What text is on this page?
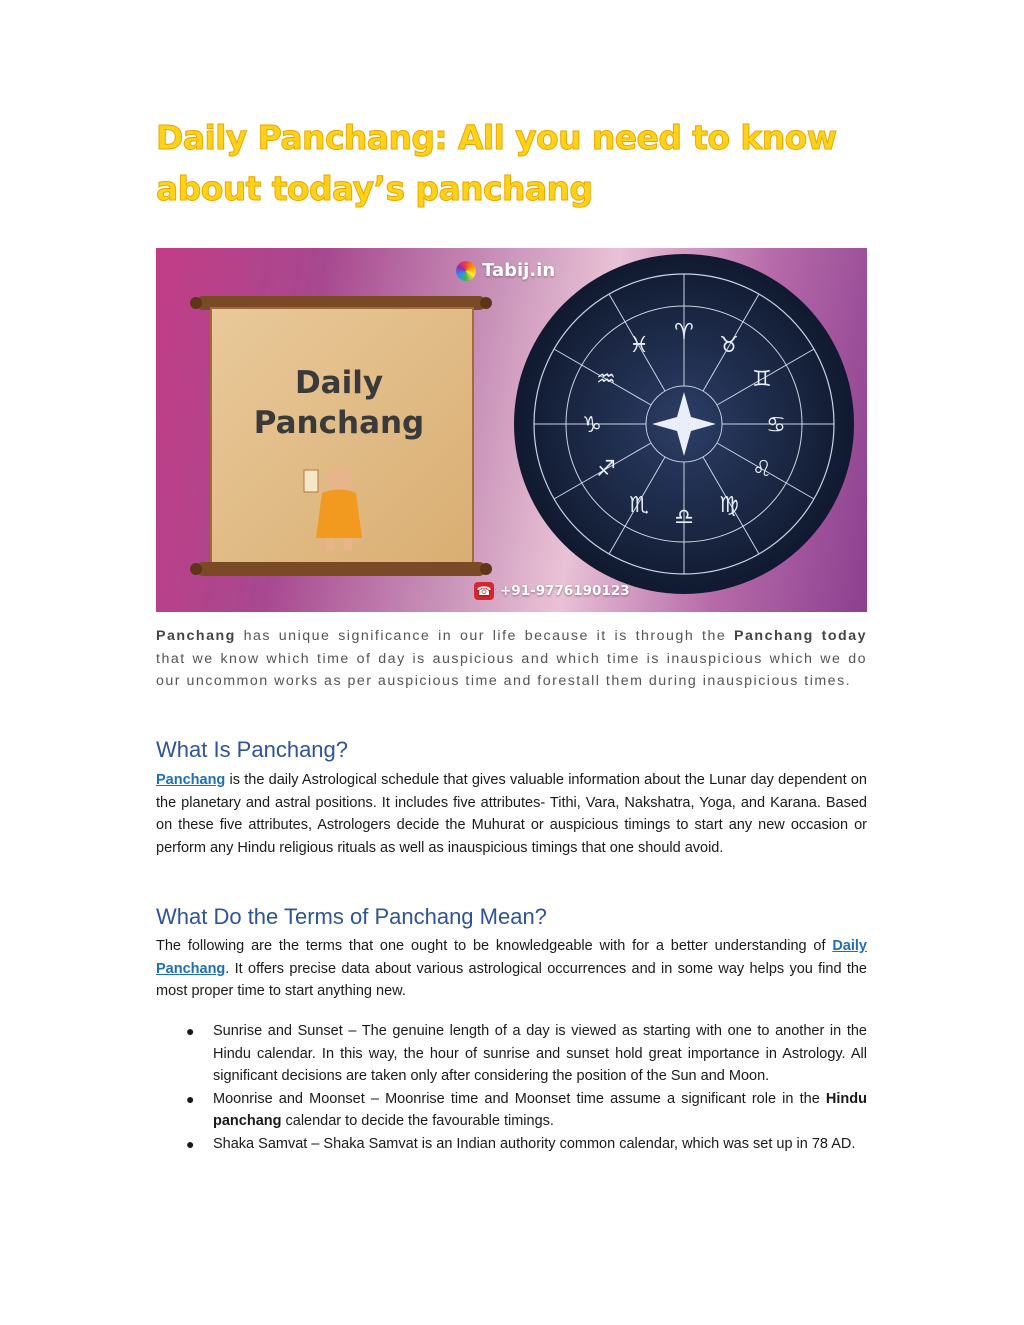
Daily Panchang: All you need to know about today’s panchang
♈
♉
♊
♋
♌
♍
♎
♏
♐
♑
♒
♓
Tabij.in
Daily
Panchang
☎ +91-9776190123

Panchang has unique significance in our life because it is through the Panchang today that we know which time of day is auspicious and which time is inauspicious which we do our uncommon works as per auspicious time and forestall them during inauspicious times.

What Is Panchang?

Panchang is the daily Astrological schedule that gives valuable information about the Lunar day dependent on the planetary and astral positions. It includes five attributes- Tithi, Vara, Nakshatra, Yoga, and Karana. Based on these five attributes, Astrologers decide the Muhurat or auspicious timings to start any new occasion or perform any Hindu religious rituals as well as inauspicious timings that one should avoid.

What Do the Terms of Panchang Mean?

The following are the terms that one ought to be knowledgeable with for a better understanding of Daily Panchang. It offers precise data about various astrological occurrences and in some way helps you find the most proper time to start anything new.

● Sunrise and Sunset – The genuine length of a day is viewed as starting with one to another in the Hindu calendar. In this way, the hour of sunrise and sunset hold great importance in Astrology. All significant decisions are taken only after considering the position of the Sun and Moon.
● Moonrise and Moonset – Moonrise time and Moonset time assume a significant role in the Hindu panchang calendar to decide the favourable timings.
● Shaka Samvat – Shaka Samvat is an Indian authority common calendar, which was set up in 78 AD.
